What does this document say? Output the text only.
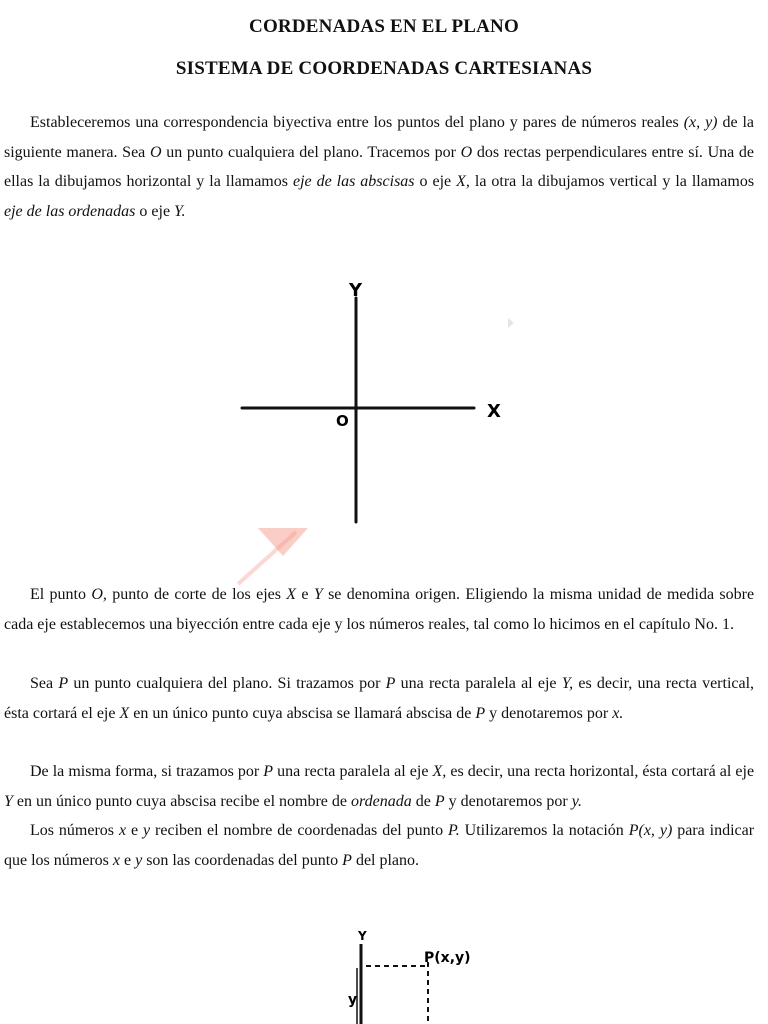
CORDENADAS EN EL PLANO
SISTEMA DE COORDENADAS CARTESIANAS

Estableceremos una correspondencia biyectiva entre los puntos del plano y pares de números reales (x, y) de la siguiente manera. Sea O un punto cualquiera del plano. Tracemos por O dos rectas perpendiculares entre sí. Una de ellas la dibujamos horizontal y la llamamos eje de las abscisas o eje X, la otra la dibujamos vertical y la llamamos eje de las ordenadas o eje Y.

Y
X
O
Y
P(x,y)
y

El punto O, punto de corte de los ejes X e Y se denomina origen. Eligiendo la misma unidad de medida sobre cada eje establecemos una biyección entre cada eje y los números reales, tal como lo hicimos en el capítulo No. 1.

Sea P un punto cualquiera del plano. Si trazamos por P una recta paralela al eje Y, es decir, una recta vertical, ésta cortará el eje X en un único punto cuya abscisa se llamará abscisa de P y denotaremos por x.

De la misma forma, si trazamos por P una recta paralela al eje X, es decir, una recta horizontal, ésta cortará al eje Y en un único punto cuya abscisa recibe el nombre de ordenada de P y denotaremos por y.

Los números x e y reciben el nombre de coordenadas del punto P. Utilizaremos la notación P(x, y) para indicar que los números x e y son las coordenadas del punto P del plano.
